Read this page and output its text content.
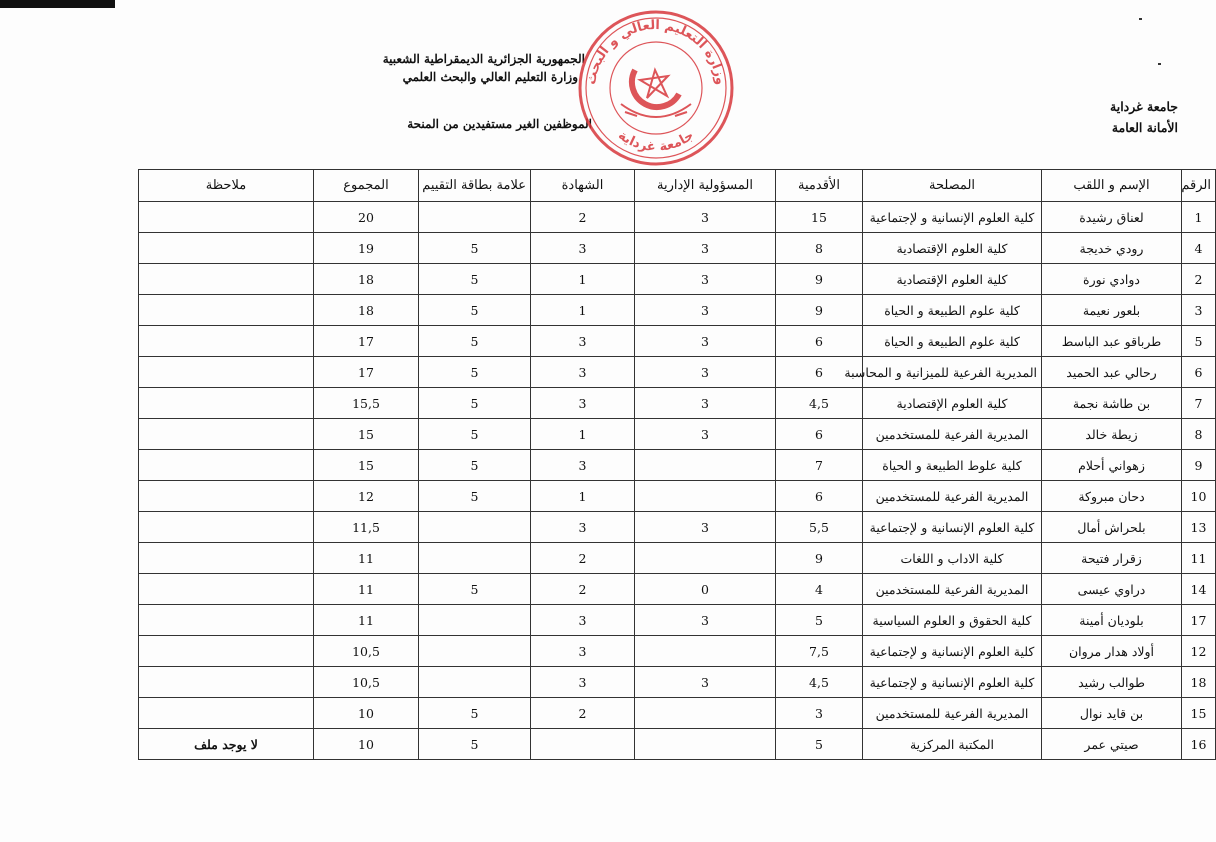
الجمهورية الجزائرية الديمقراطية الشعبية
وزارة التعليم العالي والبحث العلمي
الموظفين الغير مستفيدين من المنحة
جامعة غرداية
الأمانة العامة
وزارة التعليم العالي و البحث
جامعة غرداية
الرقم	الإسم و اللقب	المصلحة	الأقدمية	المسؤولية الإدارية	الشهادة	علامة بطاقة التقييم	المجموع	ملاحظة
1	لعناق رشيدة	كلية العلوم الإنسانية و لإجتماعية	15	3	2		20	
4	رودي خديجة	كلية العلوم الإقتصادية	8	3	3	5	19	
2	دوادي نورة	كلية العلوم الإقتصادية	9	3	1	5	18	
3	بلعور نعيمة	كلية علوم الطبيعة و الحياة	9	3	1	5	18	
5	طرباقو عبد الباسط	كلية علوم الطبيعة و الحياة	6	3	3	5	17	
6	رحالي عبد الحميد	المديرية الفرعية للميزانية و المحاسبة	6	3	3	5	17	
7	بن طاشة نجمة	كلية العلوم الإقتصادية	4,5	3	3	5	15,5	
8	زيطة خالد	المديرية الفرعية للمستخدمين	6	3	1	5	15	
9	زهواني أحلام	كلية علوط الطبيعة و الحياة	7		3	5	15	
10	دحان مبروكة	المديرية الفرعية للمستخدمين	6		1	5	12	
13	بلحراش أمال	كلية العلوم الإنسانية و لإجتماعية	5,5	3	3		11,5	
11	زقرار فتيحة	كلية الاداب و اللغات	9		2		11	
14	دراوي عيسى	المديرية الفرعية للمستخدمين	4	0	2	5	11	
17	بلوديان أمينة	كلية الحقوق و العلوم السياسية	5	3	3		11	
12	أولاد هدار مروان	كلية العلوم الإنسانية و لإجتماعية	7,5		3		10,5	
18	طوالب رشيد	كلية العلوم الإنسانية و لإجتماعية	4,5	3	3		10,5	
15	بن قايد نوال	المديرية الفرعية للمستخدمين	3		2	5	10	
16	صيتي عمر	المكتبة المركزية	5			5	10	لا يوجد ملف
